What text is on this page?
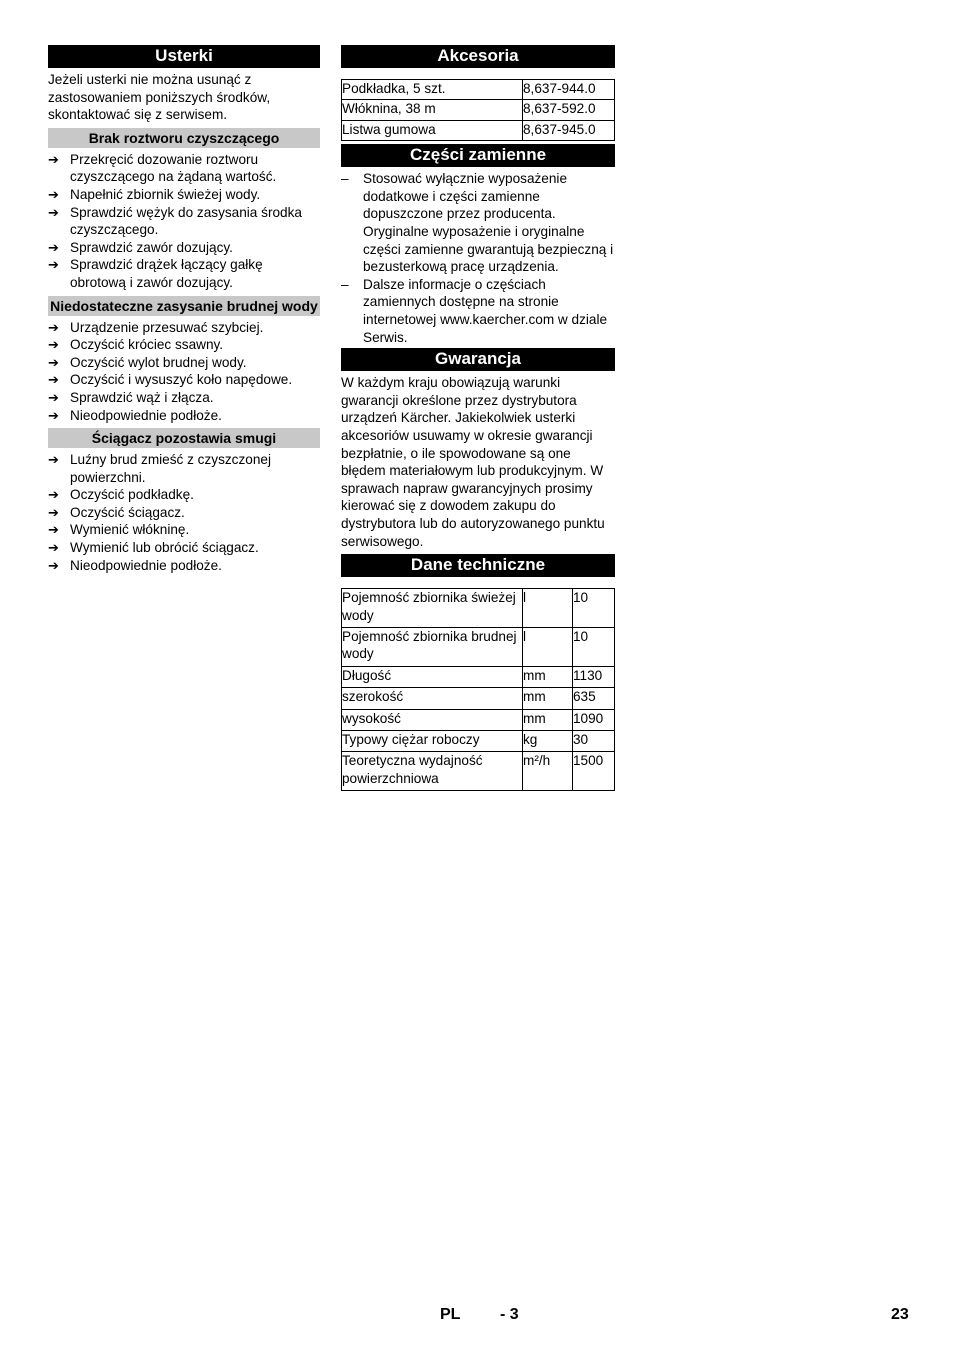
Usterki

Jeżeli usterki nie można usunąć z zastosowaniem poniższych środków, skontaktować się z serwisem.

Brak roztworu czyszczącego
➔ Przekręcić dozowanie roztworu czyszczącego na żądaną wartość.
➔ Napełnić zbiornik świeżej wody.
➔ Sprawdzić wężyk do zasysania środka czyszczącego.
➔ Sprawdzić zawór dozujący.
➔ Sprawdzić drążek łączący gałkę obrotową i zawór dozujący.
Niedostateczne zasysanie brudnej wody
➔ Urządzenie przesuwać szybciej.
➔ Oczyścić króciec ssawny.
➔ Oczyścić wylot brudnej wody.
➔ Oczyścić i wysuszyć koło napędowe.
➔ Sprawdzić wąż i złącza.
➔ Nieodpowiednie podłoże.
Ściągacz pozostawia smugi
➔ Luźny brud zmieść z czyszczonej powierzchni.
➔ Oczyścić podkładkę.
➔ Oczyścić ściągacz.
➔ Wymienić włókninę.
➔ Wymienić lub obrócić ściągacz.
➔ Nieodpowiednie podłoże.
Akcesoria
Podkładka, 5 szt.	8,637-944.0
Włóknina, 38 m	8,637-592.0
Listwa gumowa	8,637-945.0
Części zamienne
– Stosować wyłącznie wyposażenie dodatkowe i części zamienne dopuszczone przez producenta. Oryginalne wyposażenie i oryginalne części zamienne gwarantują bezpieczną i bezusterkową pracę urządzenia.
– Dalsze informacje o częściach zamiennych dostępne na stronie internetowej www.kaercher.com w dziale Serwis.
Gwarancja

W każdym kraju obowiązują warunki gwarancji określone przez dystrybutora urządzeń Kärcher. Jakiekolwiek usterki akcesoriów usuwamy w okresie gwarancji bezpłatnie, o ile spowodowane są one błędem materiałowym lub produkcyjnym. W sprawach napraw gwarancyjnych prosimy kierować się z dowodem zakupu do dystrybutora lub do autoryzowanego punktu serwisowego.

Dane techniczne
Pojemność zbiornika świeżej wody	l	10
Pojemność zbiornika brudnej wody	l	10
Długość	mm	1130
szerokość	mm	635
wysokość	mm	1090
Typowy ciężar roboczy	kg	30
Teoretyczna wydajność powierzchniowa	m²/h	1500
PL - 3	23
